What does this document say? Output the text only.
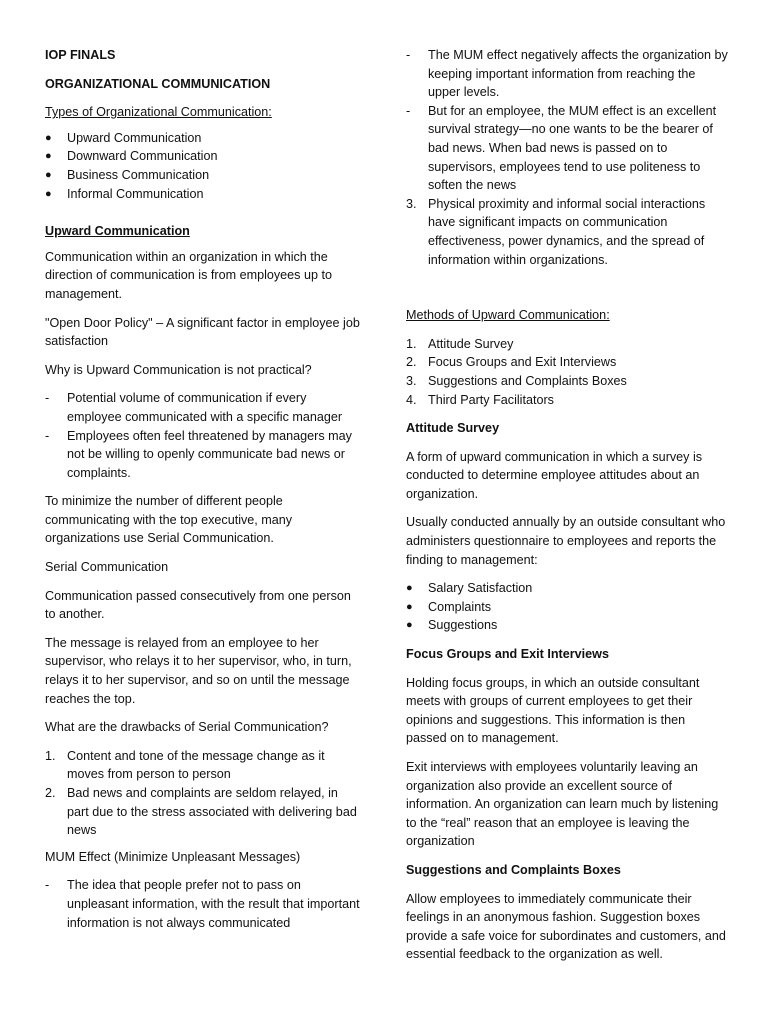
IOP FINALS

ORGANIZATIONAL COMMUNICATION

Types of Organizational Communication:

● Upward Communication
● Downward Communication
● Business Communication
● Informal Communication

Upward Communication

Communication within an organization in which the direction of communication is from employees up to management.

"Open Door Policy" – A significant factor in employee job satisfaction

Why is Upward Communication is not practical?

- Potential volume of communication if every employee communicated with a specific manager
- Employees often feel threatened by managers may not be willing to openly communicate bad news or complaints.

To minimize the number of different people communicating with the top executive, many organizations use Serial Communication.

Serial Communication

Communication passed consecutively from one person to another.

The message is relayed from an employee to her supervisor, who relays it to her supervisor, who, in turn, relays it to her supervisor, and so on until the message reaches the top.

What are the drawbacks of Serial Communication?

1. Content and tone of the message change as it moves from person to person
2. Bad news and complaints are seldom relayed, in part due to the stress associated with delivering bad news

MUM Effect (Minimize Unpleasant Messages)

- The idea that people prefer not to pass on unpleasant information, with the result that important information is not always communicated
- The MUM effect negatively affects the organization by keeping important information from reaching the upper levels.
- But for an employee, the MUM effect is an excellent survival strategy—no one wants to be the bearer of bad news. When bad news is passed on to supervisors, employees tend to use politeness to soften the news
3. Physical proximity and informal social interactions have significant impacts on communication effectiveness, power dynamics, and the spread of information within organizations.

Methods of Upward Communication:

1. Attitude Survey
2. Focus Groups and Exit Interviews
3. Suggestions and Complaints Boxes
4. Third Party Facilitators

Attitude Survey

A form of upward communication in which a survey is conducted to determine employee attitudes about an organization.

Usually conducted annually by an outside consultant who administers questionnaire to employees and reports the finding to management:

● Salary Satisfaction
● Complaints
● Suggestions

Focus Groups and Exit Interviews

Holding focus groups, in which an outside consultant meets with groups of current employees to get their opinions and suggestions. This information is then passed on to management.

Exit interviews with employees voluntarily leaving an organization also provide an excellent source of information. An organization can learn much by listening to the “real” reason that an employee is leaving the organization

Suggestions and Complaints Boxes

Allow employees to immediately communicate their feelings in an anonymous fashion. Suggestion boxes provide a safe voice for subordinates and customers, and essential feedback to the organization as well.
